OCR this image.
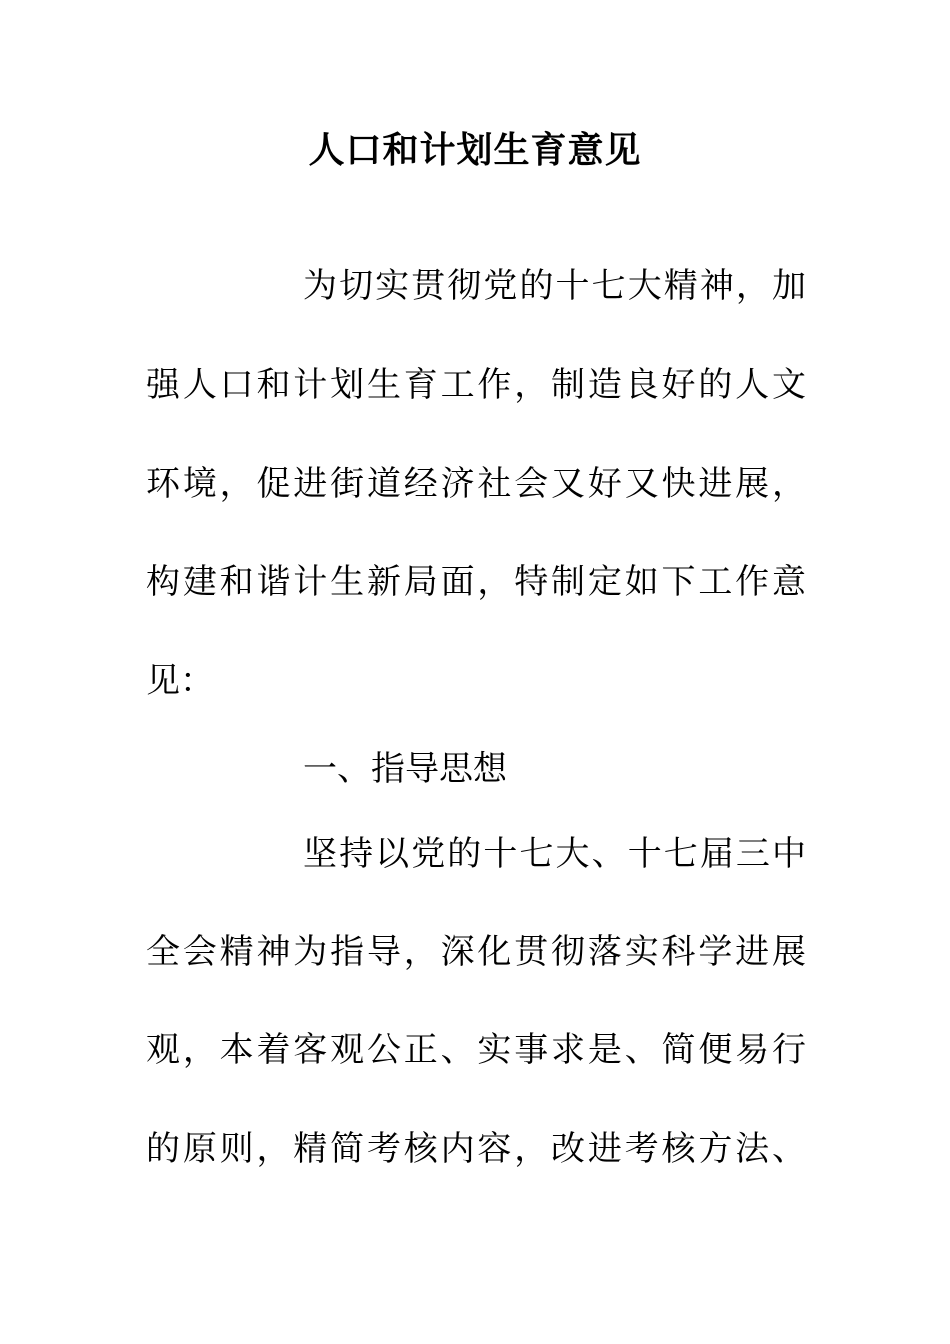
人口和计划生育意见
为切实贯彻党的十七大精神，加
强人口和计划生育工作，制造良好的人文
环境，促进街道经济社会又好又快进展，
构建和谐计生新局面，特制定如下工作意
见：
一、指导思想
坚持以党的十七大、十七届三中
全会精神为指导，深化贯彻落实科学进展
观，本着客观公正、实事求是、简便易行
的原则，精简考核内容，改进考核方法、
